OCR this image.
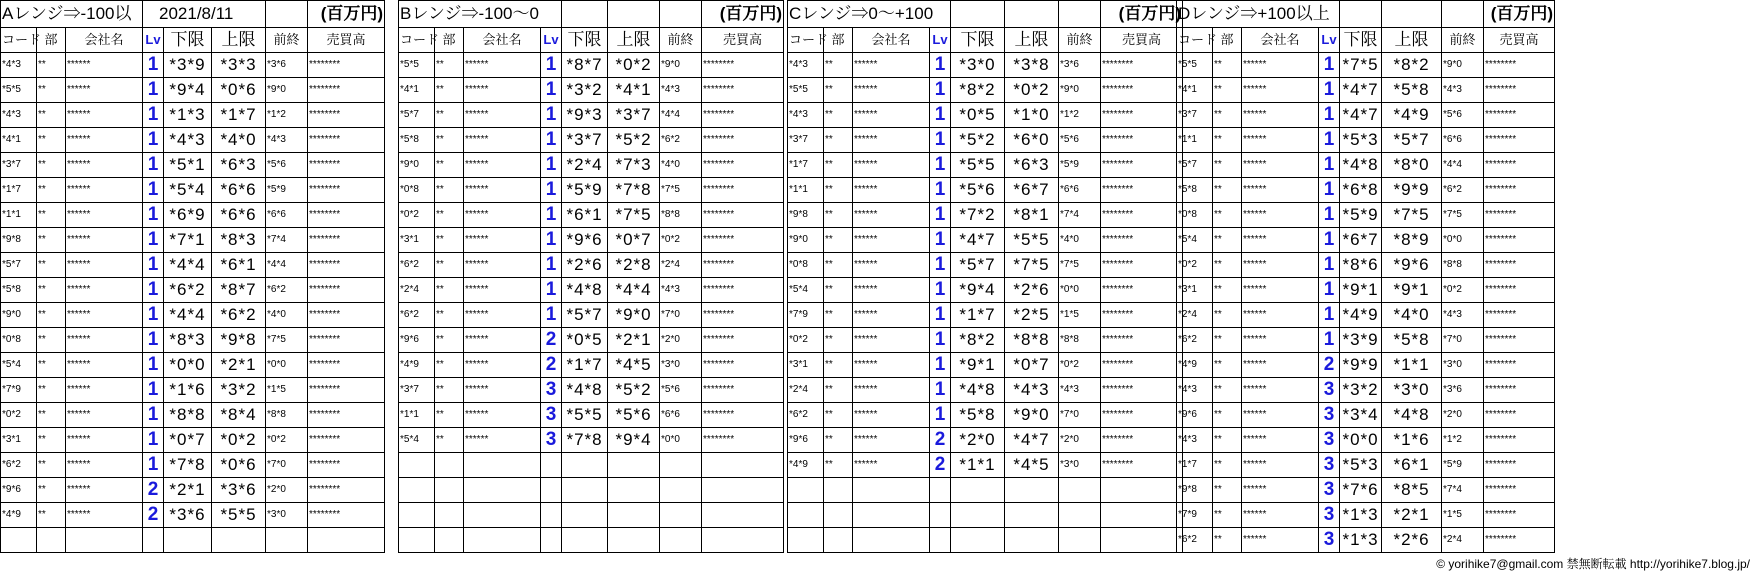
Aレンジ⇒-100以			2021/8/11				(百万円)
コード	部	会社名	Lv	下限	上限	前終	売買高
*4*3	**	******	1	*3*9	*3*3	*3*6	********
*5*5	**	******	1	*9*4	*0*6	*9*0	********
*4*3	**	******	1	*1*3	*1*7	*1*2	********
*4*1	**	******	1	*4*3	*4*0	*4*3	********
*3*7	**	******	1	*5*1	*6*3	*5*6	********
*1*7	**	******	1	*5*4	*6*6	*5*9	********
*1*1	**	******	1	*6*9	*6*6	*6*6	********
*9*8	**	******	1	*7*1	*8*3	*7*4	********
*5*7	**	******	1	*4*4	*6*1	*4*4	********
*5*8	**	******	1	*6*2	*8*7	*6*2	********
*9*0	**	******	1	*4*4	*6*2	*4*0	********
*0*8	**	******	1	*8*3	*9*8	*7*5	********
*5*4	**	******	1	*0*0	*2*1	*0*0	********
*7*9	**	******	1	*1*6	*3*2	*1*5	********
*0*2	**	******	1	*8*8	*8*4	*8*8	********
*3*1	**	******	1	*0*7	*0*2	*0*2	********
*6*2	**	******	1	*7*8	*0*6	*7*0	********
*9*6	**	******	2	*2*1	*3*6	*2*0	********
*4*9	**	******	2	*3*6	*5*5	*3*0	********

Bレンジ⇒-100～0							(百万円)
コード	部	会社名	Lv	下限	上限	前終	売買高
*5*5	**	******	1	*8*7	*0*2	*9*0	********
*4*1	**	******	1	*3*2	*4*1	*4*3	********
*5*7	**	******	1	*9*3	*3*7	*4*4	********
*5*8	**	******	1	*3*7	*5*2	*6*2	********
*9*0	**	******	1	*2*4	*7*3	*4*0	********
*0*8	**	******	1	*5*9	*7*8	*7*5	********
*0*2	**	******	1	*6*1	*7*5	*8*8	********
*3*1	**	******	1	*9*6	*0*7	*0*2	********
*6*2	**	******	1	*2*6	*2*8	*2*4	********
*2*4	**	******	1	*4*8	*4*4	*4*3	********
*6*2	**	******	1	*5*7	*9*0	*7*0	********
*9*6	**	******	2	*0*5	*2*1	*2*0	********
*4*9	**	******	2	*1*7	*4*5	*3*0	********
*3*7	**	******	3	*4*8	*5*2	*5*6	********
*1*1	**	******	3	*5*5	*5*6	*6*6	********
*5*4	**	******	3	*7*8	*9*4	*0*0	********

Cレンジ⇒0～+100							(百万円)
コード	部	会社名	Lv	下限	上限	前終	売買高
*4*3	**	******	1	*3*0	*3*8	*3*6	********
*5*5	**	******	1	*8*2	*0*2	*9*0	********
*4*3	**	******	1	*0*5	*1*0	*1*2	********
*3*7	**	******	1	*5*2	*6*0	*5*6	********
*1*7	**	******	1	*5*5	*6*3	*5*9	********
*1*1	**	******	1	*5*6	*6*7	*6*6	********
*9*8	**	******	1	*7*2	*8*1	*7*4	********
*9*0	**	******	1	*4*7	*5*5	*4*0	********
*0*8	**	******	1	*5*7	*7*5	*7*5	********
*5*4	**	******	1	*9*4	*2*6	*0*0	********
*7*9	**	******	1	*1*7	*2*5	*1*5	********
*0*2	**	******	1	*8*2	*8*8	*8*8	********
*3*1	**	******	1	*9*1	*0*7	*0*2	********
*2*4	**	******	1	*4*8	*4*3	*4*3	********
*6*2	**	******	1	*5*8	*9*0	*7*0	********
*9*6	**	******	2	*2*0	*4*7	*2*0	********
*4*9	**	******	2	*1*1	*4*5	*3*0	********

Dレンジ⇒+100以上							(百万円)
コード	部	会社名	Lv	下限	上限	前終	売買高
*5*5	**	******	1	*7*5	*8*2	*9*0	********
*4*1	**	******	1	*4*7	*5*8	*4*3	********
*3*7	**	******	1	*4*7	*4*9	*5*6	********
*1*1	**	******	1	*5*3	*5*7	*6*6	********
*5*7	**	******	1	*4*8	*8*0	*4*4	********
*5*8	**	******	1	*6*8	*9*9	*6*2	********
*0*8	**	******	1	*5*9	*7*5	*7*5	********
*5*4	**	******	1	*6*7	*8*9	*0*0	********
*0*2	**	******	1	*8*6	*9*6	*8*8	********
*3*1	**	******	1	*9*1	*9*1	*0*2	********
*2*4	**	******	1	*4*9	*4*0	*4*3	********
*6*2	**	******	1	*3*9	*5*8	*7*0	********
*4*9	**	******	2	*9*9	*1*1	*3*0	********
*4*3	**	******	3	*3*2	*3*0	*3*6	********
*9*6	**	******	3	*3*4	*4*8	*2*0	********
*4*3	**	******	3	*0*0	*1*6	*1*2	********
*1*7	**	******	3	*5*3	*6*1	*5*9	********
*9*8	**	******	3	*7*6	*8*5	*7*4	********
*7*9	**	******	3	*1*3	*2*1	*1*5	********
*6*2	**	******	3	*1*3	*2*6	*2*4	********
© yorihike7@gmail.com 禁無断転載 http://yorihike7.blog.jp/
